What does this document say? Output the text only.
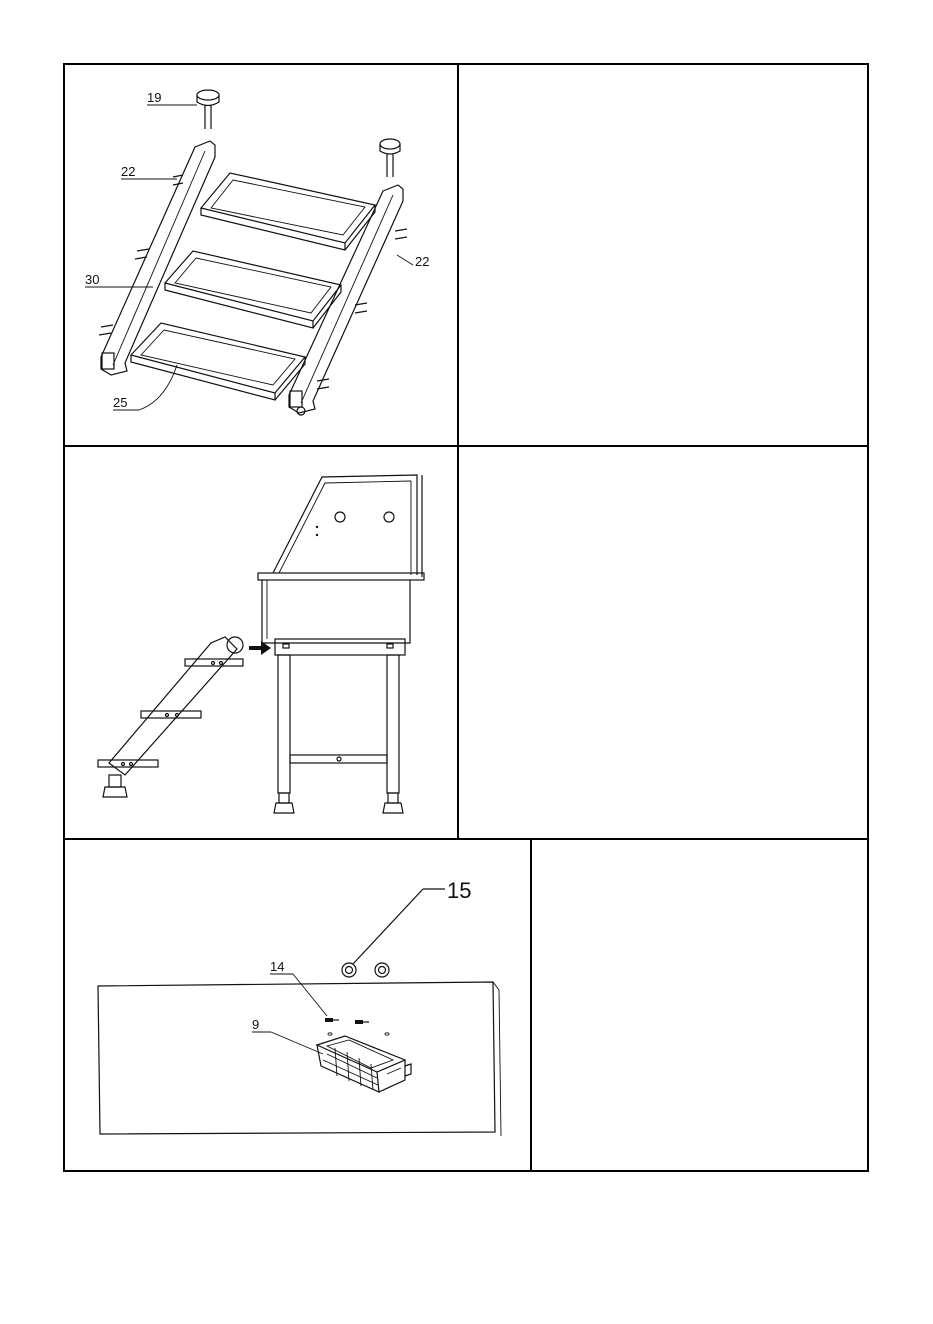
19
22
22
30
25
15
14
9
